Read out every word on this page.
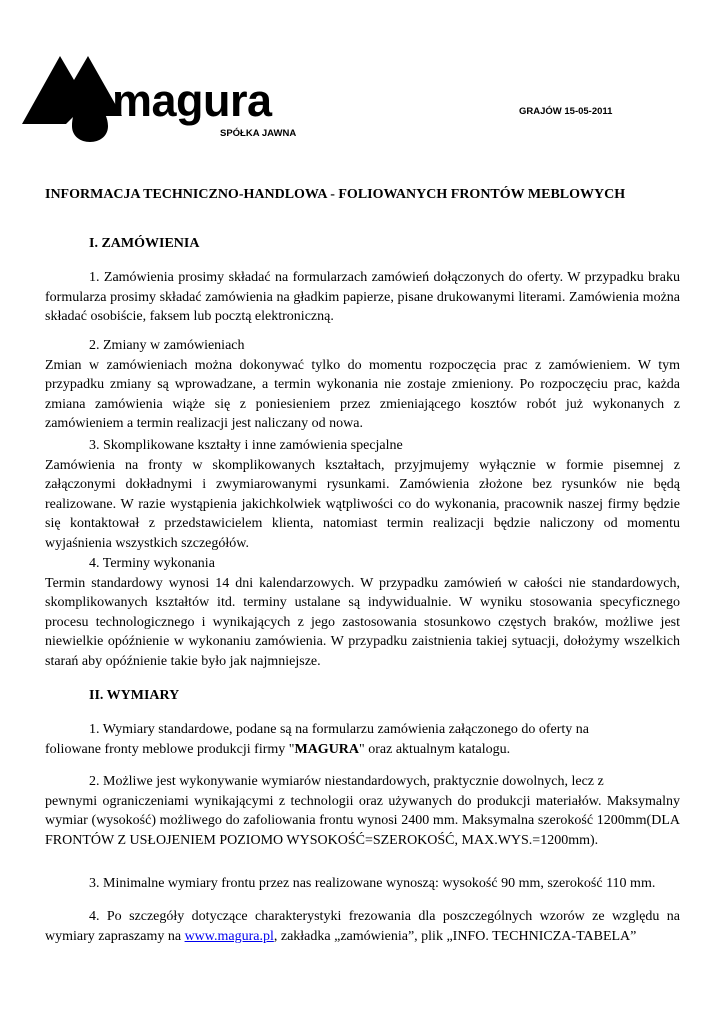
magura
SPÓŁKA JAWNA
GRAJÓW 15-05-2011
INFORMACJA TECHNICZNO-HANDLOWA - FOLIOWANYCH FRONTÓW MEBLOWYCH
I. ZAMÓWIENIA

1. Zamówienia prosimy składać na formularzach zamówień dołączonych do oferty. W przypadku braku formularza prosimy składać zamówienia na gładkim papierze, pisane drukowanymi literami. Zamówienia można składać osobiście, faksem lub pocztą elektroniczną.

2. Zmiany w zamówieniach

Zmian w zamówieniach można dokonywać tylko do momentu rozpoczęcia prac z zamówieniem. W tym przypadku zmiany są wprowadzane, a termin wykonania nie zostaje zmieniony. Po rozpoczęciu prac, każda zmiana zamówienia wiąże się z poniesieniem przez zmieniającego kosztów robót już wykonanych z zamówieniem a termin realizacji jest naliczany od nowa.

3. Skomplikowane kształty i inne zamówienia specjalne

Zamówienia na fronty w skomplikowanych kształtach, przyjmujemy wyłącznie w formie pisemnej z załączonymi dokładnymi i zwymiarowanymi rysunkami. Zamówienia złożone bez rysunków nie będą realizowane. W razie wystąpienia jakichkolwiek wątpliwości co do wykonania, pracownik naszej firmy będzie się kontaktował z przedstawicielem klienta, natomiast termin realizacji będzie naliczony od momentu wyjaśnienia wszystkich szczegółów.

4. Terminy wykonania

Termin standardowy wynosi 14 dni kalendarzowych. W przypadku zamówień w całości nie standardowych, skomplikowanych kształtów itd. terminy ustalane są indywidualnie. W wyniku stosowania specyficznego procesu technologicznego i wynikających z jego zastosowania stosunkowo częstych braków, możliwe jest niewielkie opóźnienie w wykonaniu zamówienia. W przypadku zaistnienia takiej sytuacji, dołożymy wszelkich starań aby opóźnienie takie było jak najmniejsze.

II. WYMIARY

1. Wymiary standardowe, podane są na formularzu zamówienia załączonego do oferty na

foliowane fronty meblowe produkcji firmy "MAGURA" oraz aktualnym katalogu.

2. Możliwe jest wykonywanie wymiarów niestandardowych, praktycznie dowolnych, lecz z

pewnymi ograniczeniami wynikającymi z technologii oraz używanych do produkcji materiałów. Maksymalny wymiar (wysokość) możliwego do zafoliowania frontu wynosi 2400 mm. Maksymalna szerokość 1200mm(DLA FRONTÓW Z USŁOJENIEM POZIOMO WYSOKOŚĆ=SZEROKOŚĆ, MAX.WYS.=1200mm).

3. Minimalne wymiary frontu przez nas realizowane wynoszą: wysokość 90 mm, szerokość 110 mm.

4. Po szczegóły dotyczące charakterystyki frezowania dla poszczególnych wzorów ze względu na wymiary zapraszamy na www.magura.pl, zakładka „zamówienia”, plik „INFO. TECHNICZA-TABELA”
